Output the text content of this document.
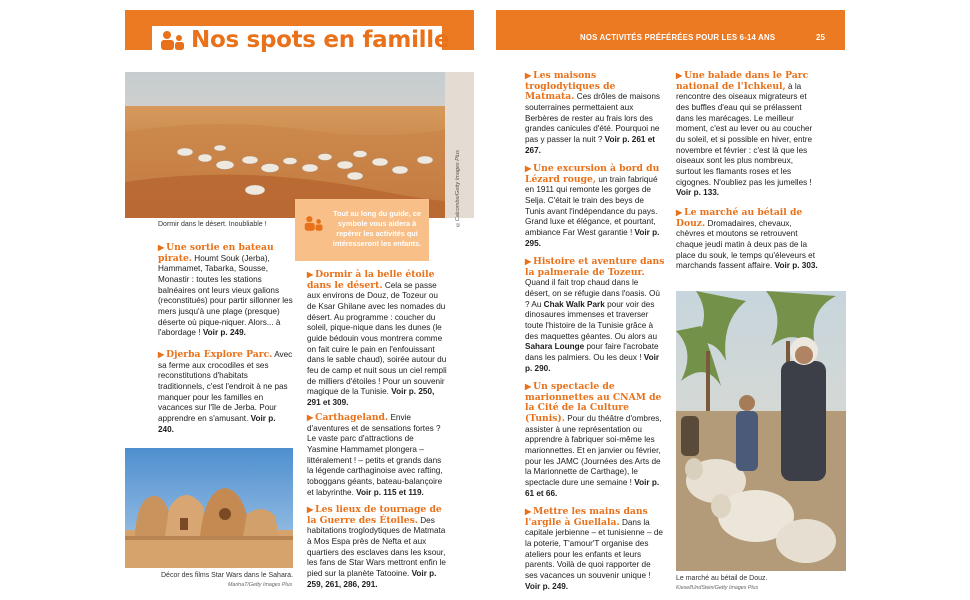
Nos spots en famille	NOS ACTIVITÉS PRÉFÉRÉES POUR LES 6-14 ANS	25
©Calcombe/Getty Images Plus
Dormir dans le désert. Inoubliable !
Tout au long du guide, ce symbole vous aidera à repérer les activités qui intéresseront les enfants.
▶ Une sortie en bateau pirate. Houmt Souk (Jerba), Hammamet, Tabarka, Sousse, Monastir : toutes les stations balnéaires ont leurs vieux galions (reconstitués) pour partir sillonner les mers jusqu'à une plage (presque) déserte où pique-niquer. Alors... à l'abordage ! Voir p. 249.
▶ Djerba Explore Parc. Avec sa ferme aux crocodiles et ses reconstitutions d'habitats traditionnels, c'est l'endroit à ne pas manquer pour les familles en vacances sur l'île de Jerba. Pour apprendre en s'amusant. Voir p. 240.
Décor des films Star Wars dans le Sahara.
MarinaT/Getty Images Plus
▶ Dormir à la belle étoile dans le désert. Cela se passe aux environs de Douz, de Tozeur ou de Ksar Ghilane avec les nomades du désert. Au programme : coucher du soleil, pique-nique dans les dunes (le guide bédouin vous montrera comme on fait cuire le pain en l'enfouissant dans le sable chaud), soirée autour du feu de camp et nuit sous un ciel rempli de milliers d'étoiles ! Pour un souvenir magique de la Tunisie. Voir p. 250, 291 et 309.
▶ Carthageland. Envie d'aventures et de sensations fortes ? Le vaste parc d'attractions de Yasmine Hammamet plongera – littéralement ! – petits et grands dans la légende carthaginoise avec rafting, toboggans géants, bateau-balançoire et labyrinthe. Voir p. 115 et 119.
▶ Les lieux de tournage de la Guerre des Étoiles. Des habitations troglodytiques de Matmata à Mos Espa près de Nefta et aux quartiers des esclaves dans les ksour, les fans de Star Wars mettront enfin le pied sur la planète Tatooine. Voir p. 259, 261, 286, 291.
▶ Les maisons troglodytiques de Matmata. Ces drôles de maisons souterraines permettaient aux Berbères de rester au frais lors des grandes canicules d'été. Pourquoi ne pas y passer la nuit ? Voir p. 261 et 267.
▶ Une excursion à bord du Lézard rouge, un train fabriqué en 1911 qui remonte les gorges de Selja. C'était le train des beys de Tunis avant l'indépendance du pays. Grand luxe et élégance, et pourtant, ambiance Far West garantie ! Voir p. 295.
▶ Histoire et aventure dans la palmeraie de Tozeur. Quand il fait trop chaud dans le désert, on se réfugie dans l'oasis. Où ? Au Chak Walk Park pour voir des dinosaures immenses et traverser toute l'histoire de la Tunisie grâce à des maquettes géantes. Ou alors au Sahara Lounge pour faire l'acrobate dans les palmiers. Ou les deux ! Voir p. 290.
▶ Un spectacle de marionnettes au CNAM de la Cité de la Culture (Tunis). Pour du théâtre d'ombres, assister à une représentation ou apprendre à fabriquer soi-même les marionnettes. Et en janvier ou février, pour les JAMC (Journées des Arts de la Marionnette de Carthage), le spectacle dure une semaine ! Voir p. 61 et 66.
▶ Mettre les mains dans l'argile à Guellala. Dans la capitale jerbienne – et tunisienne – de la poterie, T'amour'T organise des ateliers pour les enfants et leurs parents. Voilà de quoi rapporter de ses vacances un souvenir unique ! Voir p. 249.
▶ Une balade dans le Parc national de l'Ichkeul, à la rencontre des oiseaux migrateurs et des buffles d'eau qui se prélassent dans les marécages. Le meilleur moment, c'est au lever ou au coucher du soleil, et si possible en hiver, entre novembre et février : c'est là que les oiseaux sont les plus nombreux, surtout les flamants roses et les cigognes. N'oubliez pas les jumelles ! Voir p. 133.
▶ Le marché au bétail de Douz. Dromadaires, chevaux, chèvres et moutons se retrouvent chaque jeudi matin à deux pas de la place du souk, le temps qu'éleveurs et marchands fassent affaire. Voir p. 303.
Le marché au bétail de Douz.
KiesellUndStein/Getty Images Plus
